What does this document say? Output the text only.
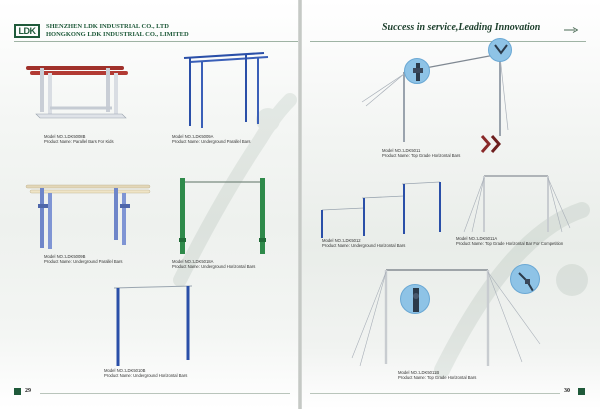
LDK	SHENZHEN LDK INDUSTRIAL CO., LTD
HONGKONG LDK INDUSTRIAL CO., LIMITED
Model NO.:LDK5008B
Product Name: Parallel Bars For Kids
Model NO.:LDK5009A
Product Name: Underground Parallel Bars
Model NO.:LDK5009B
Product Name: Underground Parallel Bars	Model NO.:LDK5018A
Product Name: Underground Horizontal Bars
Model NO.:LDK5010B
Product Name: Underground Horizontal Bars
29
Success in service,Leading Innovation
Model NO.:LDK5011
Product Name: Top Grade Horizontal Bars
Model NO.:LDK5012
Product Name: Underground Horizontal Bars
Model NO.:LDK5011A
Product Name: Top Grade Horizontal Bar For Competition
Model NO.:LDK5011B
Product Name: Top Grade Horizontal Bars
30
